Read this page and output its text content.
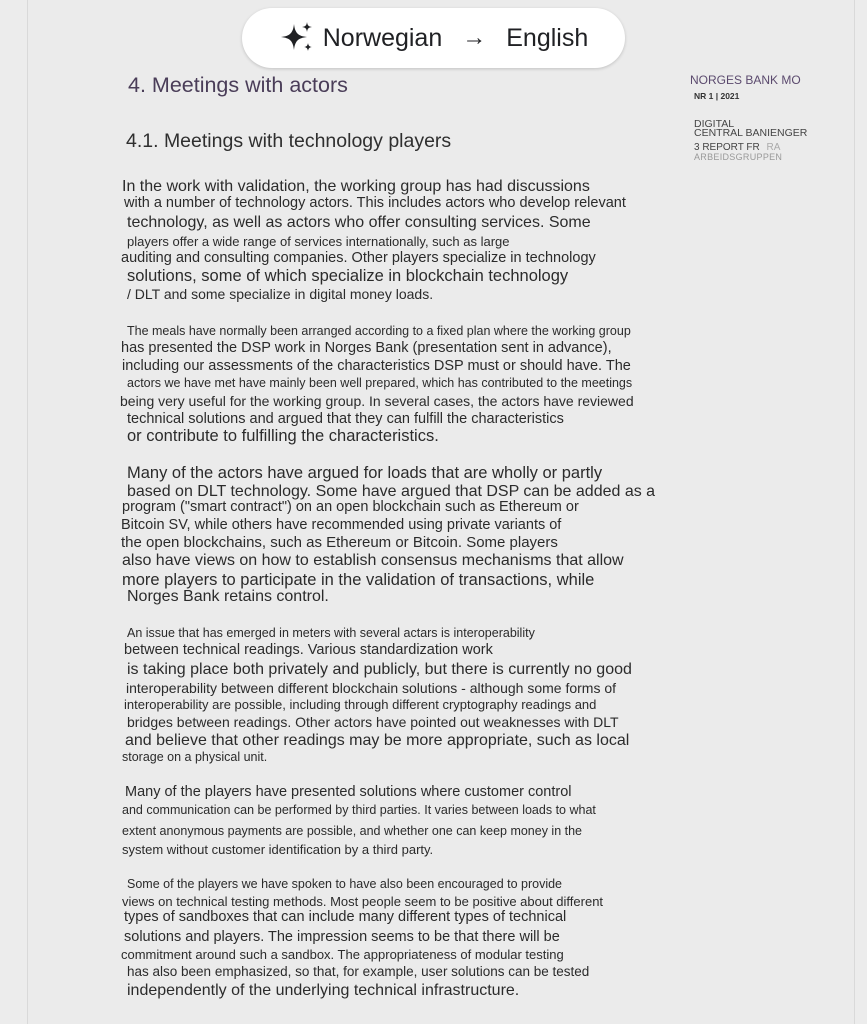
Norwegian → English
NORGES BANK MO
NR 1 | 2021
DIGITAL
CENTRAL BANIENGER
3 REPORT FR RA
ARBEIDSGRUPPEN
4. Meetings with actors
4.1. Meetings with technology players
In the work with validation, the working group has had discussions
with a number of technology actors. This includes actors who develop relevant
technology, as well as actors who offer consulting services. Some
players offer a wide range of services internationally, such as large
auditing and consulting companies. Other players specialize in technology
solutions, some of which specialize in blockchain technology
/ DLT and some specialize in digital money loads.
The meals have normally been arranged according to a fixed plan where the working group
has presented the DSP work in Norges Bank (presentation sent in advance),
including our assessments of the characteristics DSP must or should have. The
actors we have met have mainly been well prepared, which has contributed to the meetings
being very useful for the working group. In several cases, the actors have reviewed
technical solutions and argued that they can fulfill the characteristics
or contribute to fulfilling the characteristics.
Many of the actors have argued for loads that are wholly or partly
based on DLT technology. Some have argued that DSP can be added as a
program ("smart contract") on an open blockchain such as Ethereum or
Bitcoin SV, while others have recommended using private variants of
the open blockchains, such as Ethereum or Bitcoin. Some players
also have views on how to establish consensus mechanisms that allow
more players to participate in the validation of transactions, while
Norges Bank retains control.
An issue that has emerged in meters with several actars is interoperability
between technical readings. Various standardization work
is taking place both privately and publicly, but there is currently no good
interoperability between different blockchain solutions - although some forms of
interoperability are possible, including through different cryptography readings and
bridges between readings. Other actors have pointed out weaknesses with DLT
and believe that other readings may be more appropriate, such as local
storage on a physical unit.
Many of the players have presented solutions where customer control
and communication can be performed by third parties. It varies between loads to what
extent anonymous payments are possible, and whether one can keep money in the
system without customer identification by a third party.
Some of the players we have spoken to have also been encouraged to provide
views on technical testing methods. Most people seem to be positive about different
types of sandboxes that can include many different types of technical
solutions and players. The impression seems to be that there will be
commitment around such a sandbox. The appropriateness of modular testing
has also been emphasized, so that, for example, user solutions can be tested
independently of the underlying technical infrastructure.
